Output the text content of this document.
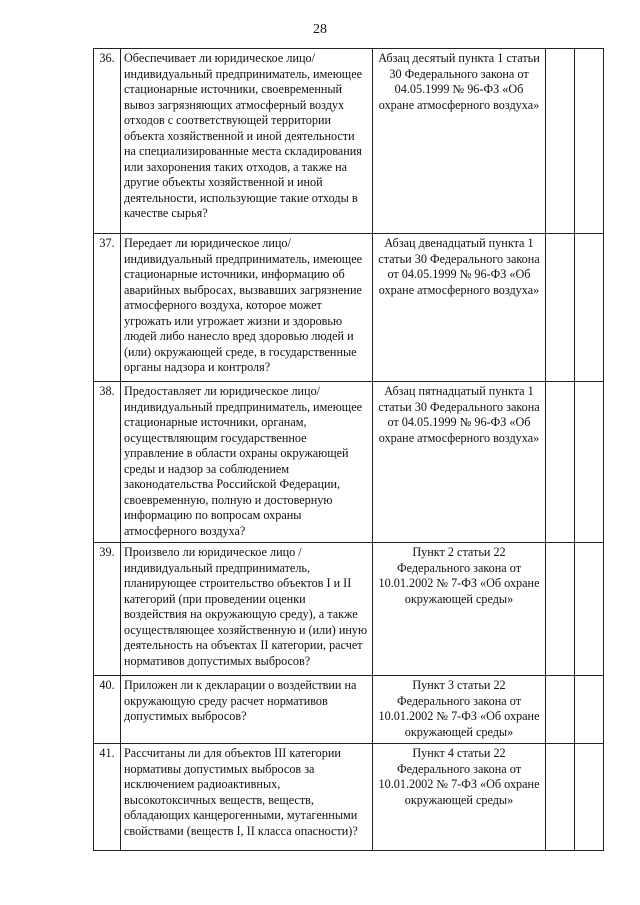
28
36.	Обеспечивает ли юридическое лицо/ индивидуальный предприниматель, имеющее стационарные источники, своевременный вывоз загрязняющих атмосферный воздух отходов с соответствующей территории объекта хозяйственной и иной деятельности на специализированные места складирования или захоронения таких отходов, а также на другие объекты хозяйственной и иной деятельности, использующие такие отходы в качестве сырья?	Абзац десятый пункта 1 статьи 30 Федерального закона от 04.05.1999 № 96-ФЗ «Об охране атмосферного воздуха»		
37.	Передает ли юридическое лицо/ индивидуальный предприниматель, имеющее стационарные источники, информацию об аварийных выбросах, вызвавших загрязнение атмосферного воздуха, которое может угрожать или угрожает жизни и здоровью людей либо нанесло вред здоровью людей и (или) окружающей среде, в государственные органы надзора и контроля?	Абзац двенадцатый пункта 1 статьи 30 Федерального закона от 04.05.1999 № 96-ФЗ «Об охране атмосферного воздуха»		
38.	Предоставляет ли юридическое лицо/ индивидуальный предприниматель, имеющее стационарные источники, органам, осуществляющим государственное управление в области охраны окружающей среды и надзор за соблюдением законодательства Российской Федерации, своевременную, полную и достоверную информацию по вопросам охраны атмосферного воздуха?	Абзац пятнадцатый пункта 1 статьи 30 Федерального закона от 04.05.1999 № 96-ФЗ «Об охране атмосферного воздуха»		
39.	Произвело ли юридическое лицо / индивидуальный предприниматель, планирующее строительство объектов I и II категорий (при проведении оценки воздействия на окружающую среду), а также осуществляющее хозяйственную и (или) иную деятельность на объектах II категории, расчет нормативов допустимых выбросов?	Пункт 2 статьи 22 Федерального закона от 10.01.2002 № 7-ФЗ «Об охране окружающей среды»		
40.	Приложен ли к декларации о воздействии на окружающую среду расчет нормативов допустимых выбросов?	Пункт 3 статьи 22 Федерального закона от 10.01.2002 № 7-ФЗ «Об охране окружающей среды»		
41.	Рассчитаны ли для объектов III категории нормативы допустимых выбросов за исключением радиоактивных, высокотоксичных веществ, веществ, обладающих канцерогенными, мутагенными свойствами (веществ I, II класса опасности)?	Пункт 4 статьи 22 Федерального закона от 10.01.2002 № 7-ФЗ «Об охране окружающей среды»		
